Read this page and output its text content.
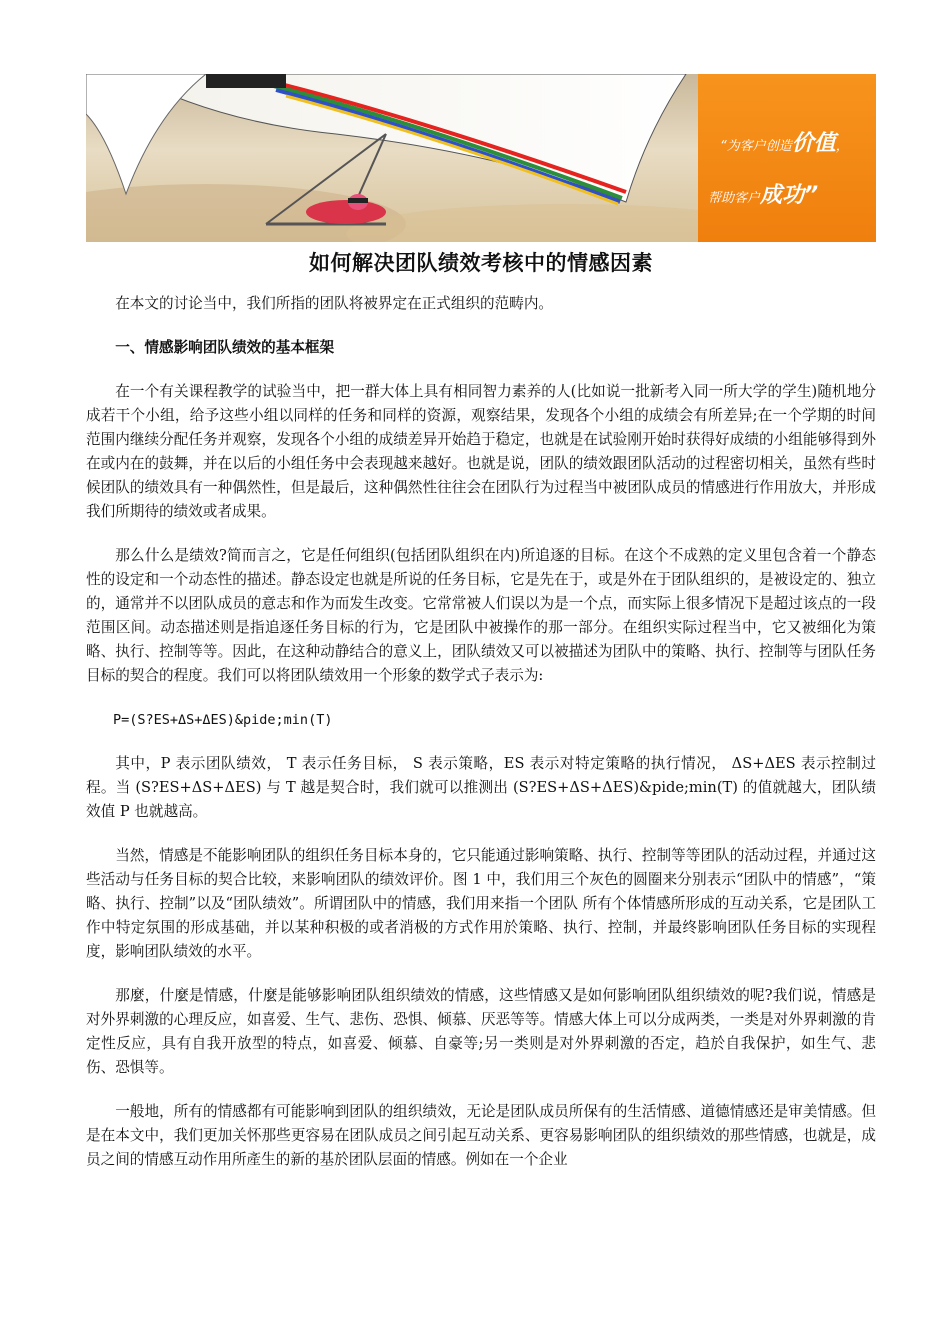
“为客户创造价值，
帮助客户成功”
如何解决团队绩效考核中的情感因素

在本文的讨论当中，我们所指的团队将被界定在正式组织的范畴内。

一、情感影响团队绩效的基本框架

在一个有关课程教学的试验当中，把一群大体上具有相同智力素养的人(比如说一批新考入同一所大学的学生)随机地分成若干个小组，给予这些小组以同样的任务和同样的资源，观察结果，发现各个小组的成绩会有所差异;在一个学期的时间范围内继续分配任务并观察，发现各个小组的成绩差异开始趋于稳定，也就是在试验刚开始时获得好成绩的小组能够得到外在或内在的鼓舞，并在以后的小组任务中会表现越来越好。也就是说，团队的绩效跟团队活动的过程密切相关，虽然有些时候团队的绩效具有一种偶然性，但是最后，这种偶然性往往会在团队行为过程当中被团队成员的情感进行作用放大，并形成我们所期待的绩效或者成果。

那么什么是绩效?简而言之，它是任何组织(包括团队组织在内)所追逐的目标。在这个不成熟的定义里包含着一个静态性的设定和一个动态性的描述。静态设定也就是所说的任务目标，它是先在于，或是外在于团队组织的，是被设定的、独立的，通常并不以团队成员的意志和作为而发生改变。它常常被人们误以为是一个点，而实际上很多情况下是超过该点的一段范围区间。动态描述则是指追逐任务目标的行为，它是团队中被操作的那一部分。在组织实际过程当中，它又被细化为策略、执行、控制等等。因此，在这种动静结合的意义上，团队绩效又可以被描述为团队中的策略、执行、控制等与团队任务目标的契合的程度。我们可以将团队绩效用一个形象的数学式子表示为:

P=(S?ES+ΔS+ΔES)&pide;min(T)

其中，P 表示团队绩效， T 表示任务目标， S 表示策略，ES 表示对特定策略的执行情况， ΔS+ΔES 表示控制过程。当 (S?ES+ΔS+ΔES) 与 T 越是契合时，我们就可以推测出 (S?ES+ΔS+ΔES)&pide;min(T) 的值就越大，团队绩效值 P 也就越高。

当然，情感是不能影响团队的组织任务目标本身的，它只能通过影响策略、执行、控制等等团队的活动过程，并通过这些活动与任务目标的契合比较，来影响团队的绩效评价。图 1 中，我们用三个灰色的圆圈来分别表示“团队中的情感”，“策略、执行、控制”以及“团队绩效”。所谓团队中的情感，我们用来指一个团队 所有个体情感所形成的互动关系，它是团队工作中特定氛围的形成基础，并以某种积极的或者消极的方式作用於策略、执行、控制，并最终影响团队任务目标的实现程度，影响团队绩效的水平。

那麼，什麼是情感，什麼是能够影响团队组织绩效的情感，这些情感又是如何影响团队组织绩效的呢?我们说，情感是对外界刺激的心理反应，如喜爱、生气、悲伤、恐惧、倾慕、厌恶等等。情感大体上可以分成两类，一类是对外界刺激的肯定性反应，具有自我开放型的特点，如喜爱、倾慕、自豪等;另一类则是对外界刺激的否定，趋於自我保护，如生气、悲伤、恐惧等。

一般地，所有的情感都有可能影响到团队的组织绩效，无论是团队成员所保有的生活情感、道德情感还是审美情感。但是在本文中，我们更加关怀那些更容易在团队成员之间引起互动关系、更容易影响团队的组织绩效的那些情感，也就是，成员之间的情感互动作用所產生的新的基於团队层面的情感。例如在一个企业
